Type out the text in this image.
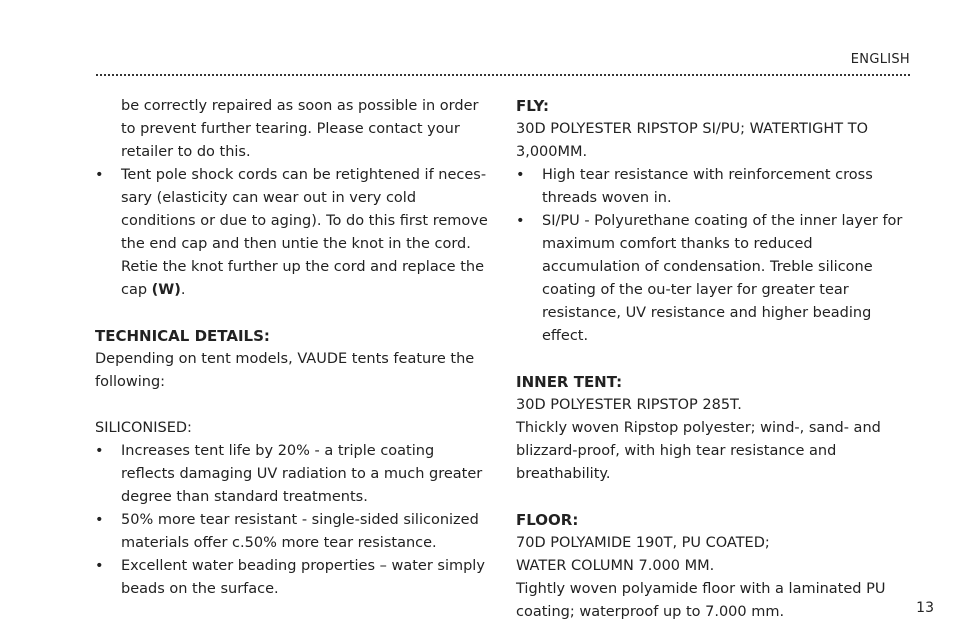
ENGLISH

be correctly repaired as soon as possible in order to prevent further tearing. Please contact your retailer to do this.

• Tent pole shock cords can be retightened if neces-sary (elasticity can wear out in very cold conditions or due to aging). To do this first remove the end cap and then untie the knot in the cord. Retie the knot further up the cord and replace the cap (W).

TECHNICAL DETAILS:

Depending on tent models, VAUDE tents feature the following:

SILICONISED:

• Increases tent life by 20% - a triple coating reflects damaging UV radiation to a much greater degree than standard treatments.

• 50% more tear resistant - single-sided siliconized materials offer c.50% more tear resistance.

• Excellent water beading properties – water simply beads on the surface.

FLY:

30D POLYESTER RIPSTOP SI/PU; WATERTIGHT TO 3,000MM.

• High tear resistance with reinforcement cross threads woven in.

• SI/PU - Polyurethane coating of the inner layer for maximum comfort thanks to reduced accumulation of condensation. Treble silicone coating of the ou-ter layer for greater tear resistance, UV resistance and higher beading effect.

INNER TENT:

30D POLYESTER RIPSTOP 285T.

Thickly woven Ripstop polyester; wind-, sand- and blizzard-proof, with high tear resistance and breathability.

FLOOR:

70D POLYAMIDE 190T, PU COATED;

WATER COLUMN 7.000 MM.

Tightly woven polyamide floor with a laminated PU coating; waterproof up to 7.000 mm.	13
